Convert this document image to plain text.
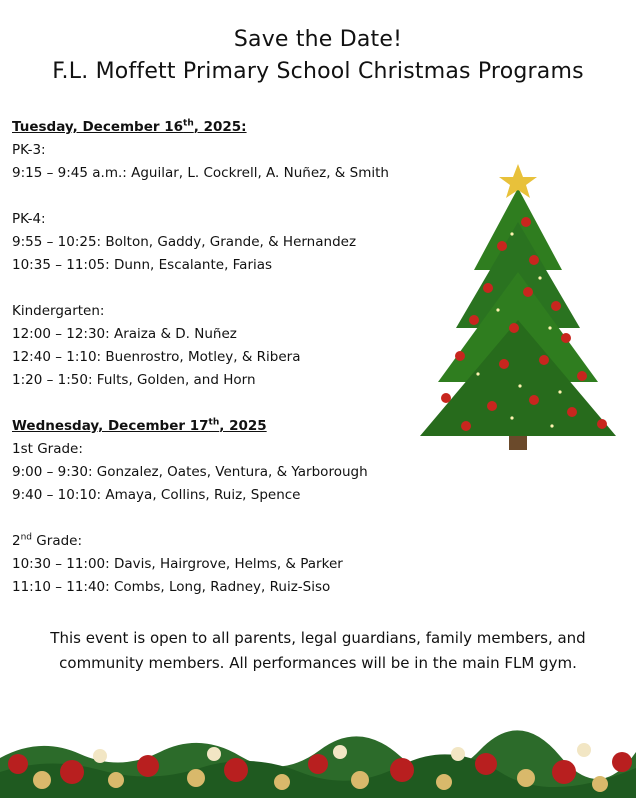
Save the Date!
F.L. Moffett Primary School Christmas Programs
Tuesday, December 16th, 2025:
PK-3:
9:15 – 9:45 a.m.: Aguilar, L. Cockrell, A. Nuñez, & Smith
PK-4:
9:55 – 10:25: Bolton, Gaddy, Grande, & Hernandez
10:35 – 11:05: Dunn, Escalante, Farias
Kindergarten:
12:00 – 12:30: Araiza & D. Nuñez
12:40 – 1:10: Buenrostro, Motley, & Ribera
1:20 – 1:50: Fults, Golden, and Horn
Wednesday, December 17th, 2025
1st Grade:
9:00 – 9:30: Gonzalez, Oates, Ventura, & Yarborough
9:40 – 10:10: Amaya, Collins, Ruiz, Spence
2nd Grade:
10:30 – 11:00: Davis, Hairgrove, Helms, & Parker
11:10 – 11:40: Combs, Long, Radney, Ruiz-Siso
This event is open to all parents, legal guardians, family members, and
community members. All performances will be in the main FLM gym.
